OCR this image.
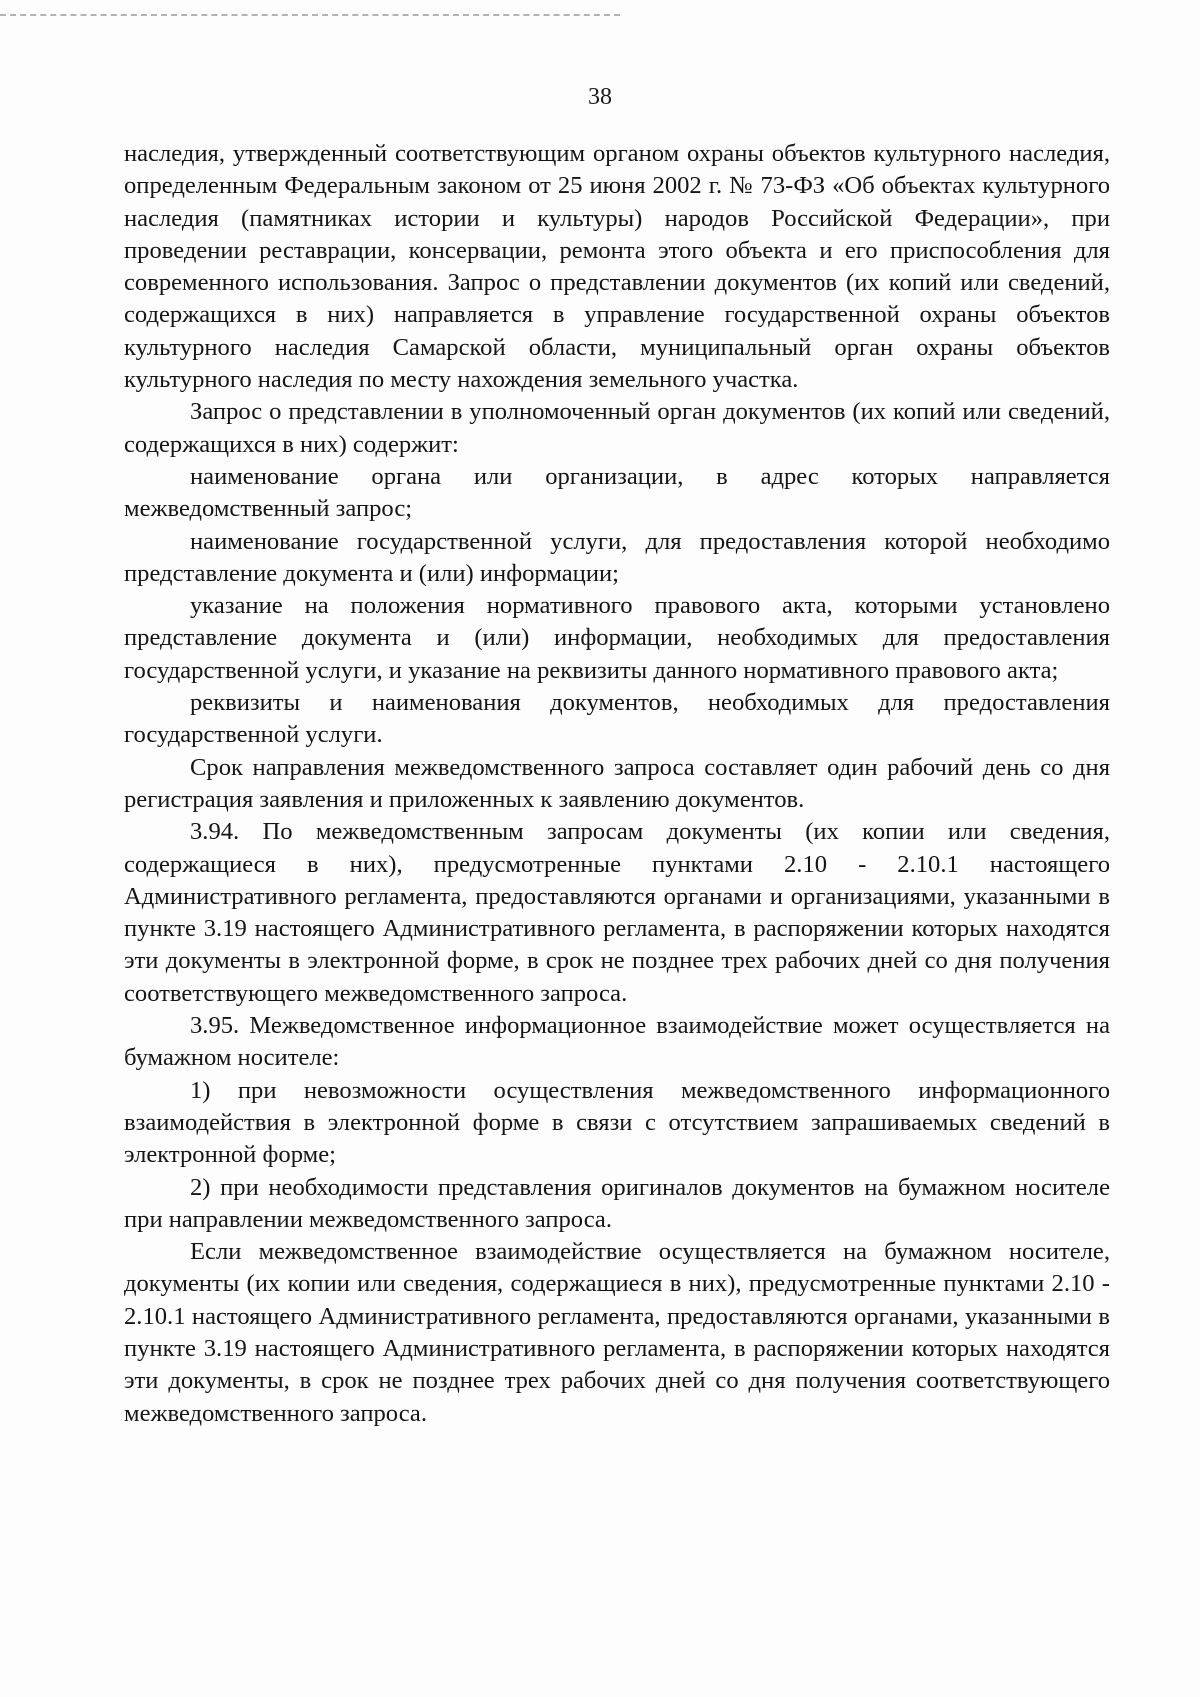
38

наследия, утвержденный соответствующим органом охраны объектов культурного наследия, определенным Федеральным законом от 25 июня 2002 г. № 73-ФЗ «Об объектах культурного наследия (памятниках истории и культуры) народов Российской Федерации», при проведении реставрации, консервации, ремонта этого объекта и его приспособления для современного использования. Запрос о представлении документов (их копий или сведений, содержащихся в них) направляется в управление государственной охраны объектов культурного наследия Самарской области, муниципальный орган охраны объектов культурного наследия по месту нахождения земельного участка.

Запрос о представлении в уполномоченный орган документов (их копий или сведений, содержащихся в них) содержит:

наименование органа или организации, в адрес которых направляется межведомственный запрос;

наименование государственной услуги, для предоставления которой необходимо представление документа и (или) информации;

указание на положения нормативного правового акта, которыми установлено представление документа и (или) информации, необходимых для предоставления государственной услуги, и указание на реквизиты данного нормативного правового акта;

реквизиты и наименования документов, необходимых для предоставления государственной услуги.

Срок направления межведомственного запроса составляет один рабочий день со дня регистрация заявления и приложенных к заявлению документов.

3.94. По межведомственным запросам документы (их копии или сведения, содержащиеся в них), предусмотренные пунктами 2.10 - 2.10.1 настоящего Административного регламента, предоставляются органами и организациями, указанными в пункте 3.19 настоящего Административного регламента, в распоряжении которых находятся эти документы в электронной форме, в срок не позднее трех рабочих дней со дня получения соответствующего межведомственного запроса.

3.95. Межведомственное информационное взаимодействие может осуществляется на бумажном носителе:

1) при невозможности осуществления межведомственного информационного взаимодействия в электронной форме в связи с отсутствием запрашиваемых сведений в электронной форме;

2) при необходимости представления оригиналов документов на бумажном носителе при направлении межведомственного запроса.

Если межведомственное взаимодействие осуществляется на бумажном носителе, документы (их копии или сведения, содержащиеся в них), предусмотренные пунктами 2.10 - 2.10.1 настоящего Административного регламента, предоставляются органами, указанными в пункте 3.19 настоящего Административного регламента, в распоряжении которых находятся эти документы, в срок не позднее трех рабочих дней со дня получения соответствующего межведомственного запроса.
